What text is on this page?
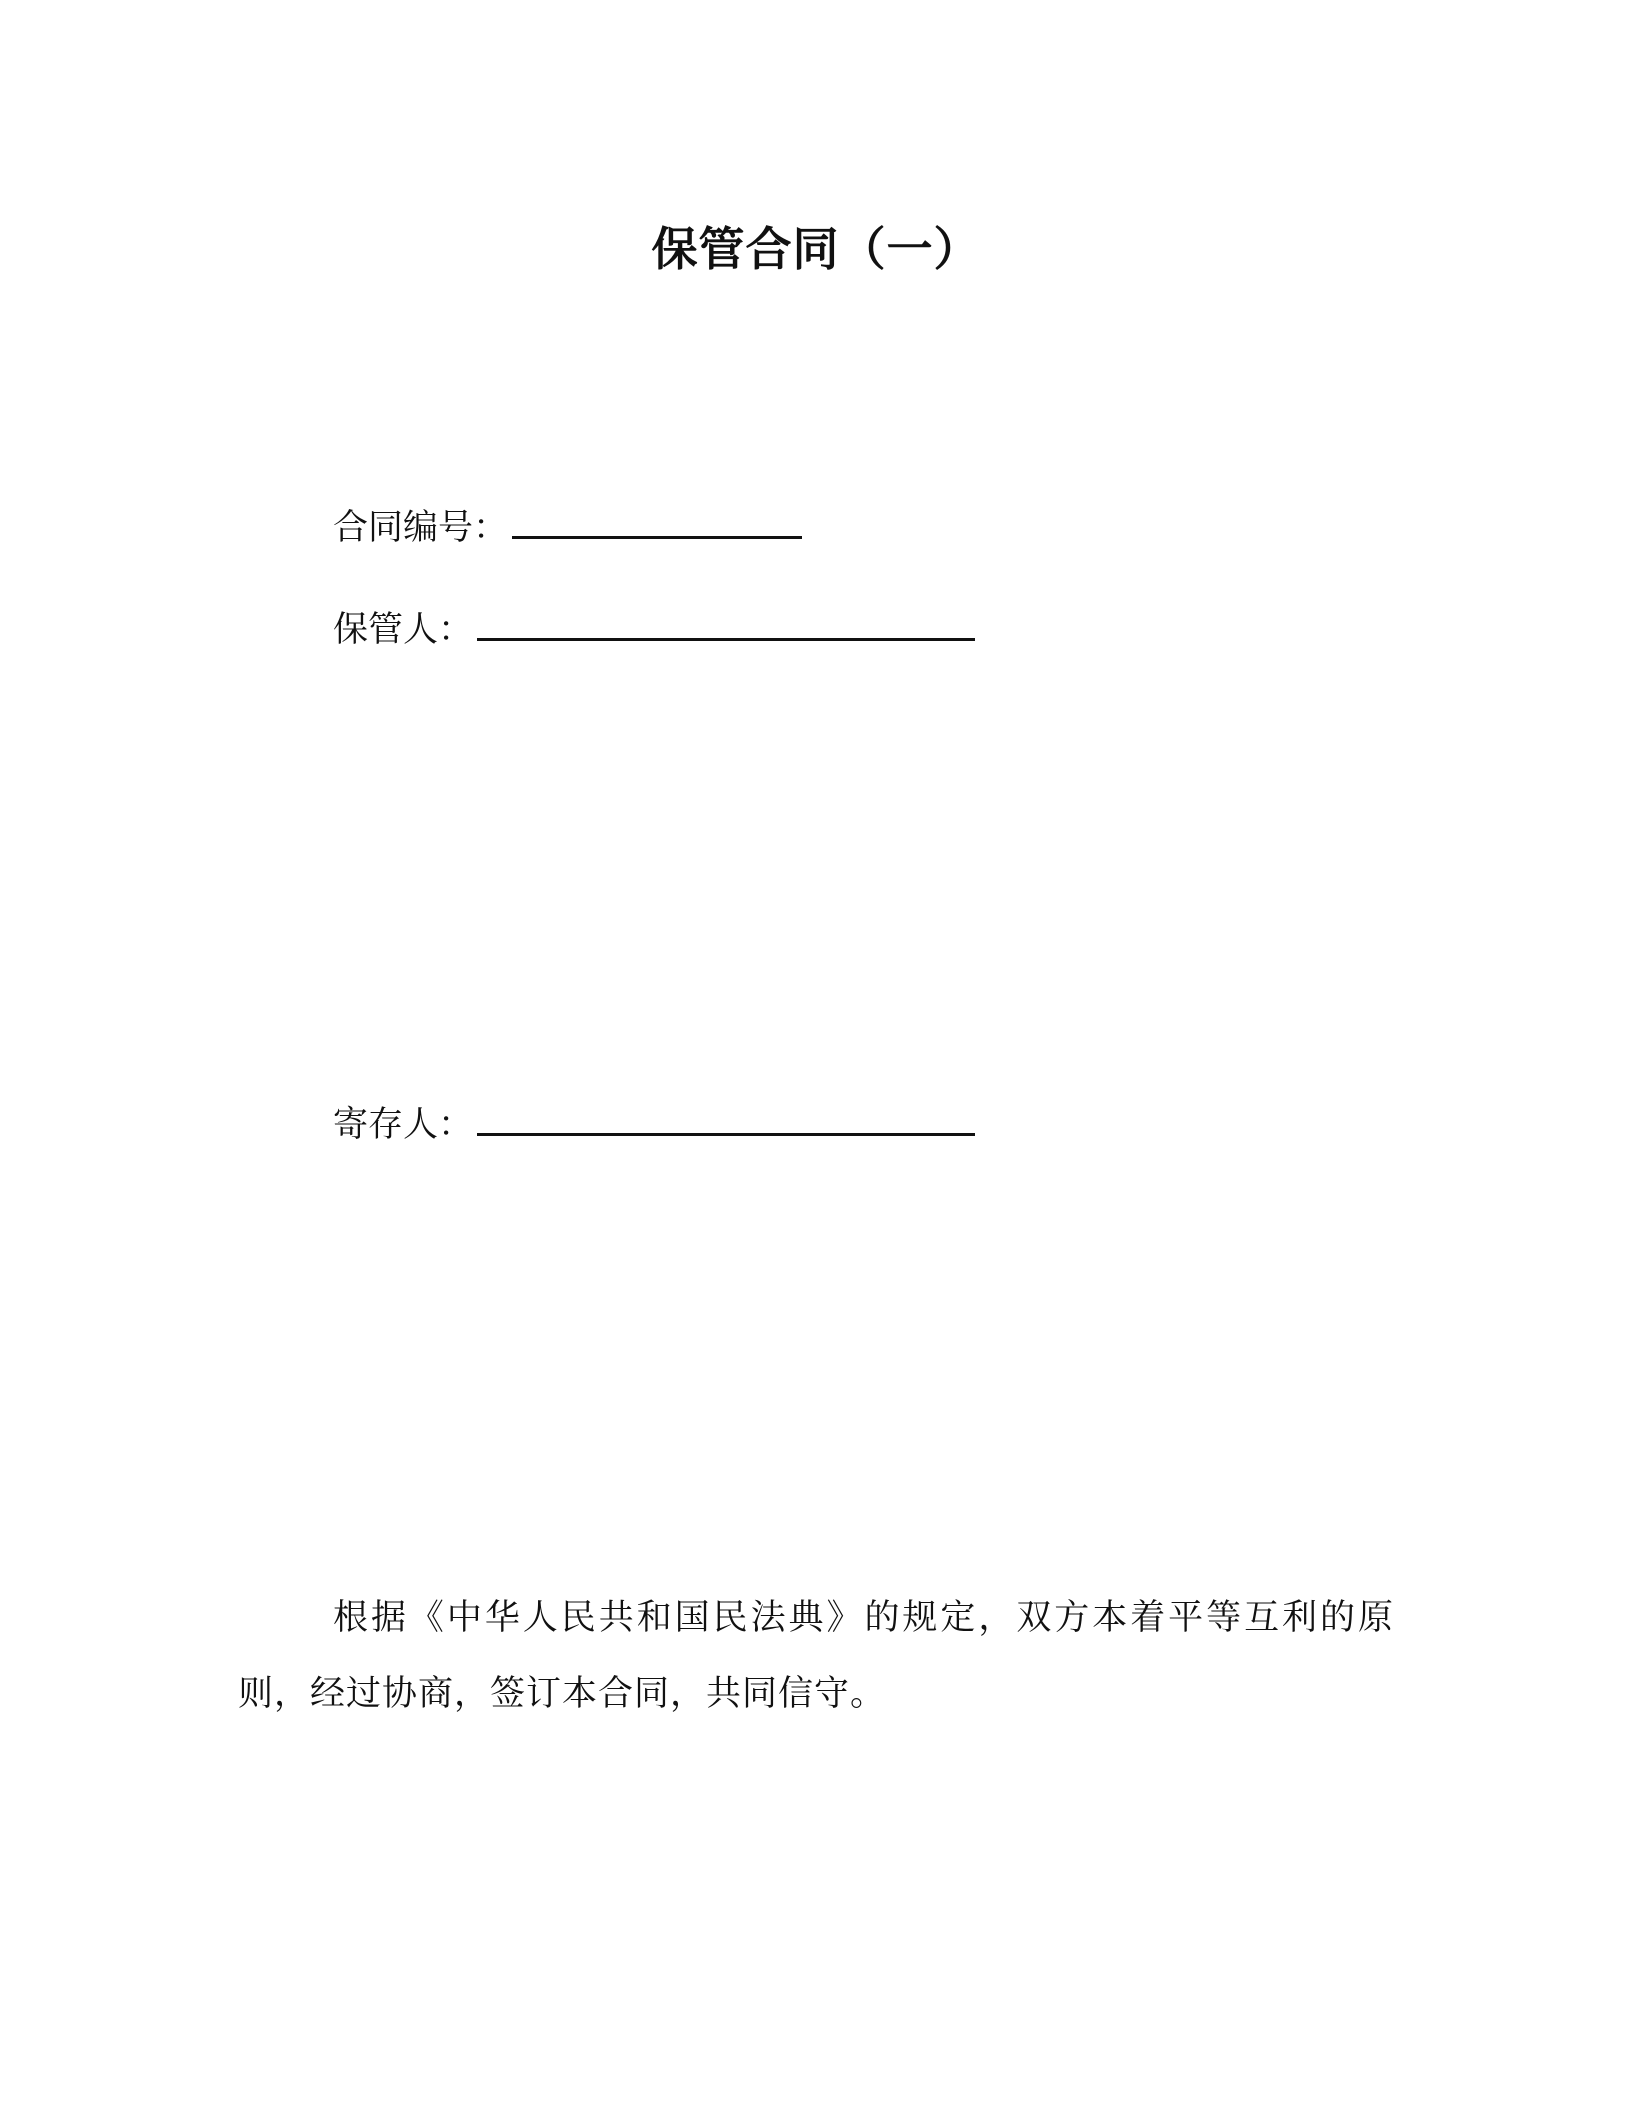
保管合同（一）
合同编号：
保管人：
寄存人：
根据《中华人民共和国民法典》的规定，双方本着平等互利的原则，经过协商，签订本合同，共同信守。
